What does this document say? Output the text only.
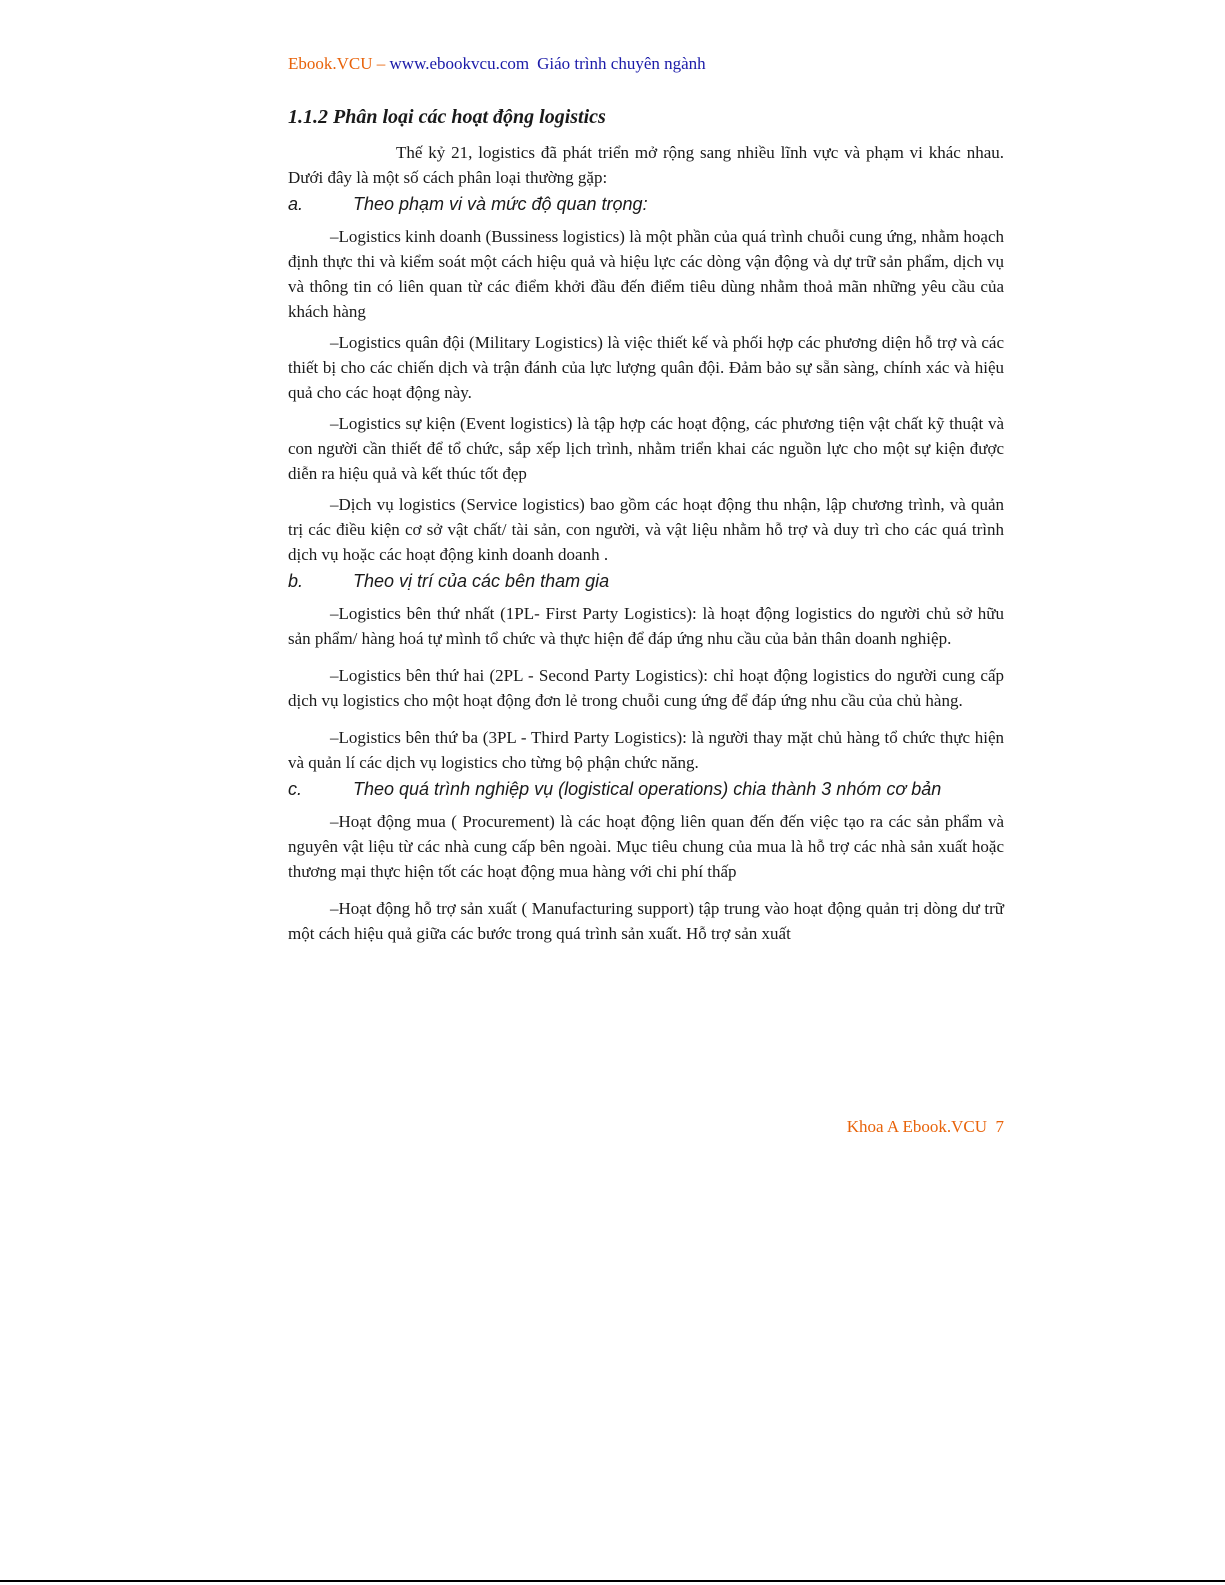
Ebook.VCU – www.ebookvcu.com Giáo trình chuyên ngành
1.1.2 Phân loại các hoạt động logistics

Thế kỷ 21, logistics đã phát triển mở rộng sang nhiều lĩnh vực và phạm vi khác nhau. Dưới đây là một số cách phân loại thường gặp:

a.	Theo phạm vi và mức độ quan trọng:

–Logistics kinh doanh (Bussiness logistics) là một phần của quá trình chuỗi cung ứng, nhằm hoạch định thực thi và kiểm soát một cách hiệu quả và hiệu lực các dòng vận động và dự trữ sản phẩm, dịch vụ và thông tin có liên quan từ các điểm khởi đầu đến điểm tiêu dùng nhằm thoả mãn những yêu cầu của khách hàng

–Logistics quân đội (Military Logistics) là việc thiết kế và phối hợp các phương diện hỗ trợ và các thiết bị cho các chiến dịch và trận đánh của lực lượng quân đội. Đảm bảo sự sẵn sàng, chính xác và hiệu quả cho các hoạt động này.

–Logistics sự kiện (Event logistics) là tập hợp các hoạt động, các phương tiện vật chất kỹ thuật và con người cần thiết để tổ chức, sắp xếp lịch trình, nhằm triển khai các nguồn lực cho một sự kiện được diễn ra hiệu quả và kết thúc tốt đẹp

–Dịch vụ logistics (Service logistics) bao gồm các hoạt động thu nhận, lập chương trình, và quản trị các điều kiện cơ sở vật chất/ tài sản, con người, và vật liệu nhằm hỗ trợ và duy trì cho các quá trình dịch vụ hoặc các hoạt động kinh doanh doanh .

b.	Theo vị trí của các bên tham gia

–Logistics bên thứ nhất (1PL- First Party Logistics): là hoạt động logistics do người chủ sở hữu sản phẩm/ hàng hoá tự mình tổ chức và thực hiện để đáp ứng nhu cầu của bản thân doanh nghiệp.

–Logistics bên thứ hai (2PL - Second Party Logistics): chỉ hoạt động logistics do người cung cấp dịch vụ logistics cho một hoạt động đơn lẻ trong chuỗi cung ứng để đáp ứng nhu cầu của chủ hàng.

–Logistics bên thứ ba (3PL - Third Party Logistics): là người thay mặt chủ hàng tổ chức thực hiện và quản lí các dịch vụ logistics cho từng bộ phận chức năng.

c.	Theo quá trình nghiệp vụ (logistical operations) chia thành 3 nhóm cơ bản

–Hoạt động mua ( Procurement) là các hoạt động liên quan đến đến việc tạo ra các sản phẩm và nguyên vật liệu từ các nhà cung cấp bên ngoài. Mục tiêu chung của mua là hỗ trợ các nhà sản xuất hoặc thương mại thực hiện tốt các hoạt động mua hàng với chi phí thấp

–Hoạt động hỗ trợ sản xuất ( Manufacturing support) tập trung vào hoạt động quản trị dòng dư trữ một cách hiệu quả giữa các bước trong quá trình sản xuất. Hỗ trợ sản xuất

Khoa A Ebook.VCU 7
